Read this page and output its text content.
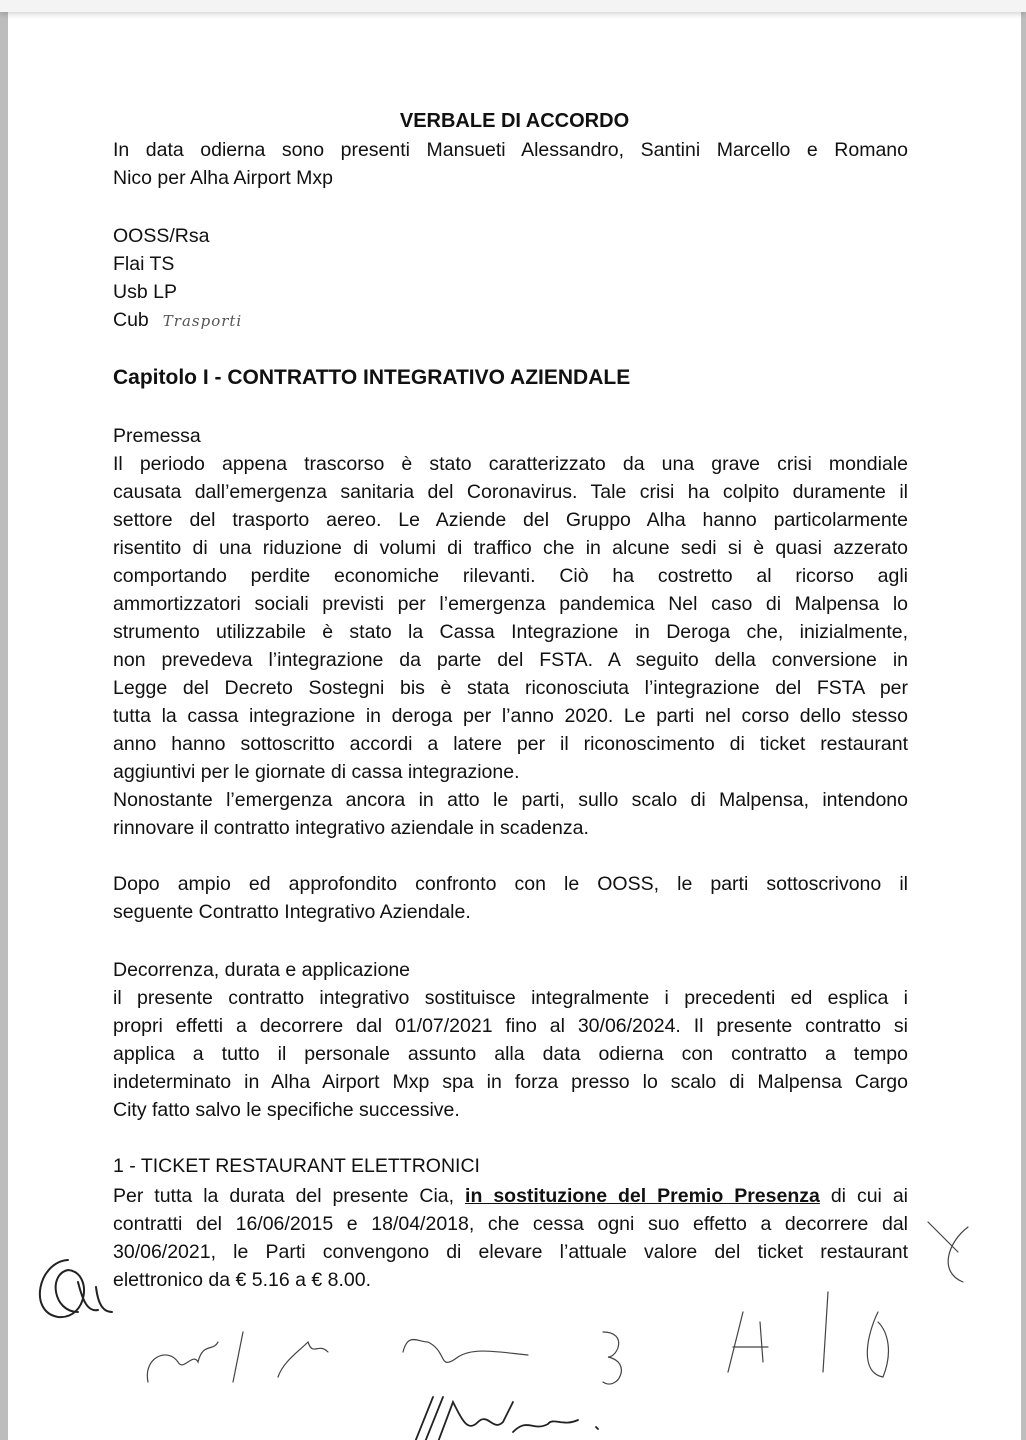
VERBALE DI ACCORDO
In data odierna sono presenti Mansueti Alessandro, Santini Marcello e Romano
Nico per Alha Airport Mxp
OOSS/Rsa
Flai TS
Usb LP
Cub Trasporti
Capitolo I - CONTRATTO INTEGRATIVO AZIENDALE
Premessa
Il periodo appena trascorso è stato caratterizzato da una grave crisi mondiale
causata dall’emergenza sanitaria del Coronavirus. Tale crisi ha colpito duramente il
settore del trasporto aereo. Le Aziende del Gruppo Alha hanno particolarmente
risentito di una riduzione di volumi di traffico che in alcune sedi si è quasi azzerato
comportando perdite economiche rilevanti. Ciò ha costretto al ricorso agli
ammortizzatori sociali previsti per l’emergenza pandemica Nel caso di Malpensa lo
strumento utilizzabile è stato la Cassa Integrazione in Deroga che, inizialmente,
non prevedeva l’integrazione da parte del FSTA. A seguito della conversione in
Legge del Decreto Sostegni bis è stata riconosciuta l’integrazione del FSTA per
tutta la cassa integrazione in deroga per l’anno 2020. Le parti nel corso dello stesso
anno hanno sottoscritto accordi a latere per il riconoscimento di ticket restaurant
aggiuntivi per le giornate di cassa integrazione.
Nonostante l’emergenza ancora in atto le parti, sullo scalo di Malpensa, intendono
rinnovare il contratto integrativo aziendale in scadenza.
Dopo ampio ed approfondito confronto con le OOSS, le parti sottoscrivono il
seguente Contratto Integrativo Aziendale.
Decorrenza, durata e applicazione
il presente contratto integrativo sostituisce integralmente i precedenti ed esplica i
propri effetti a decorrere dal 01/07/2021 fino al 30/06/2024. Il presente contratto si
applica a tutto il personale assunto alla data odierna con contratto a tempo
indeterminato in Alha Airport Mxp spa in forza presso lo scalo di Malpensa Cargo
City fatto salvo le specifiche successive.
1 - TICKET RESTAURANT ELETTRONICI
Per tutta la durata del presente Cia, in sostituzione del Premio Presenza di cui ai
contratti del 16/06/2015 e 18/04/2018, che cessa ogni suo effetto a decorrere dal
30/06/2021, le Parti convengono di elevare l’attuale valore del ticket restaurant
elettronico da € 5.16 a € 8.00.
